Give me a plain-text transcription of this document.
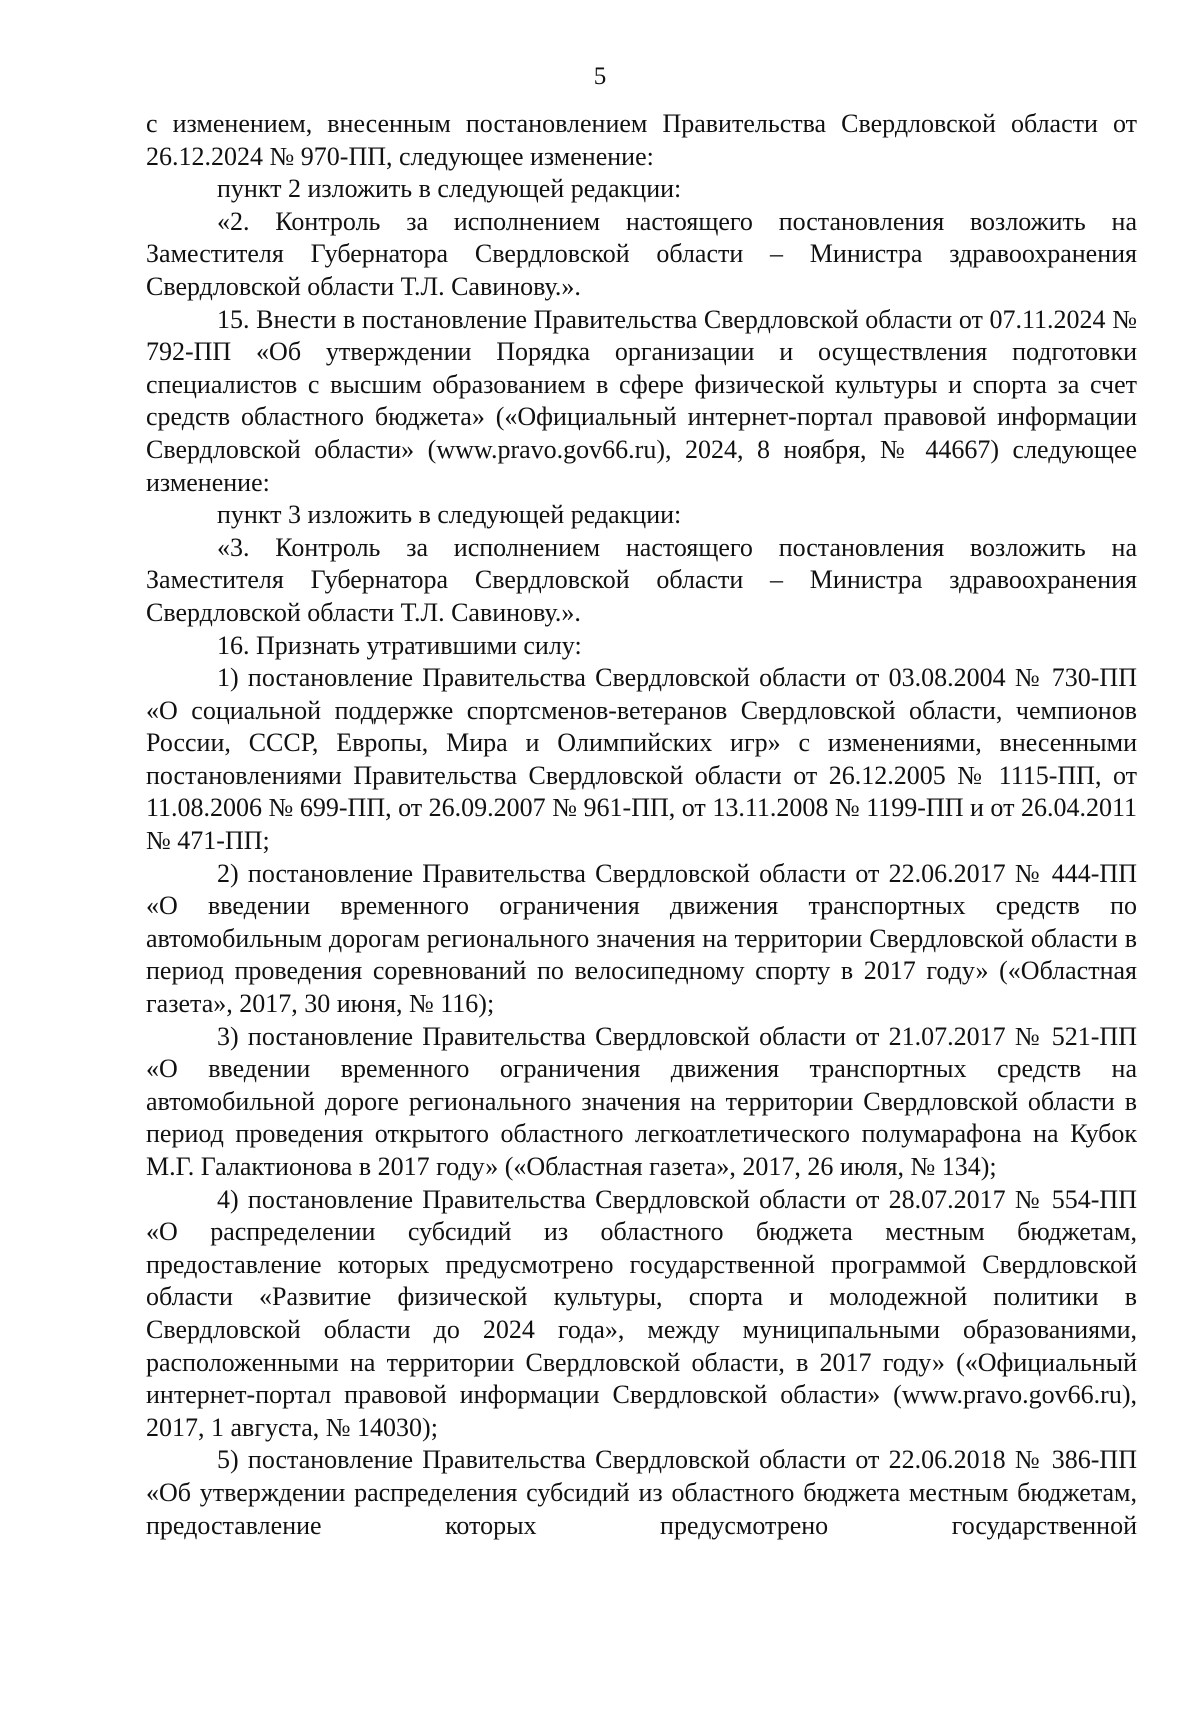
5

с изменением, внесенным постановлением Правительства Свердловской области от 26.12.2024 № 970-ПП, следующее изменение:

пункт 2 изложить в следующей редакции:

«2. Контроль за исполнением настоящего постановления возложить на Заместителя Губернатора Свердловской области – Министра здравоохранения Свердловской области Т.Л. Савинову.».

15. Внести в постановление Правительства Свердловской области от 07.11.2024 № 792-ПП «Об утверждении Порядка организации и осуществления подготовки специалистов с высшим образованием в сфере физической культуры и спорта за счет средств областного бюджета» («Официальный интернет-портал правовой информации Свердловской области» (www.pravo.gov66.ru), 2024, 8 ноября, № 44667) следующее изменение:

пункт 3 изложить в следующей редакции:

«3. Контроль за исполнением настоящего постановления возложить на Заместителя Губернатора Свердловской области – Министра здравоохранения Свердловской области Т.Л. Савинову.».

16. Признать утратившими силу:

1) постановление Правительства Свердловской области от 03.08.2004 № 730-ПП «О социальной поддержке спортсменов-ветеранов Свердловской области, чемпионов России, СССР, Европы, Мира и Олимпийских игр» с изменениями, внесенными постановлениями Правительства Свердловской области от 26.12.2005 № 1115-ПП, от 11.08.2006 № 699-ПП, от 26.09.2007 № 961-ПП, от 13.11.2008 № 1199-ПП и от 26.04.2011 № 471-ПП;

2) постановление Правительства Свердловской области от 22.06.2017 № 444-ПП «О введении временного ограничения движения транспортных средств по автомобильным дорогам регионального значения на территории Свердловской области в период проведения соревнований по велосипедному спорту в 2017 году» («Областная газета», 2017, 30 июня, № 116);

3) постановление Правительства Свердловской области от 21.07.2017 № 521-ПП «О введении временного ограничения движения транспортных средств на автомобильной дороге регионального значения на территории Свердловской области в период проведения открытого областного легкоатлетического полумарафона на Кубок М.Г. Галактионова в 2017 году» («Областная газета», 2017, 26 июля, № 134);

4) постановление Правительства Свердловской области от 28.07.2017 № 554-ПП «О распределении субсидий из областного бюджета местным бюджетам, предоставление которых предусмотрено государственной программой Свердловской области «Развитие физической культуры, спорта и молодежной политики в Свердловской области до 2024 года», между муниципальными образованиями, расположенными на территории Свердловской области, в 2017 году» («Официальный интернет-портал правовой информации Свердловской области» (www.pravo.gov66.ru), 2017, 1 августа, № 14030);

5) постановление Правительства Свердловской области от 22.06.2018 № 386-ПП «Об утверждении распределения субсидий из областного бюджета местным бюджетам, предоставление которых предусмотрено государственной
